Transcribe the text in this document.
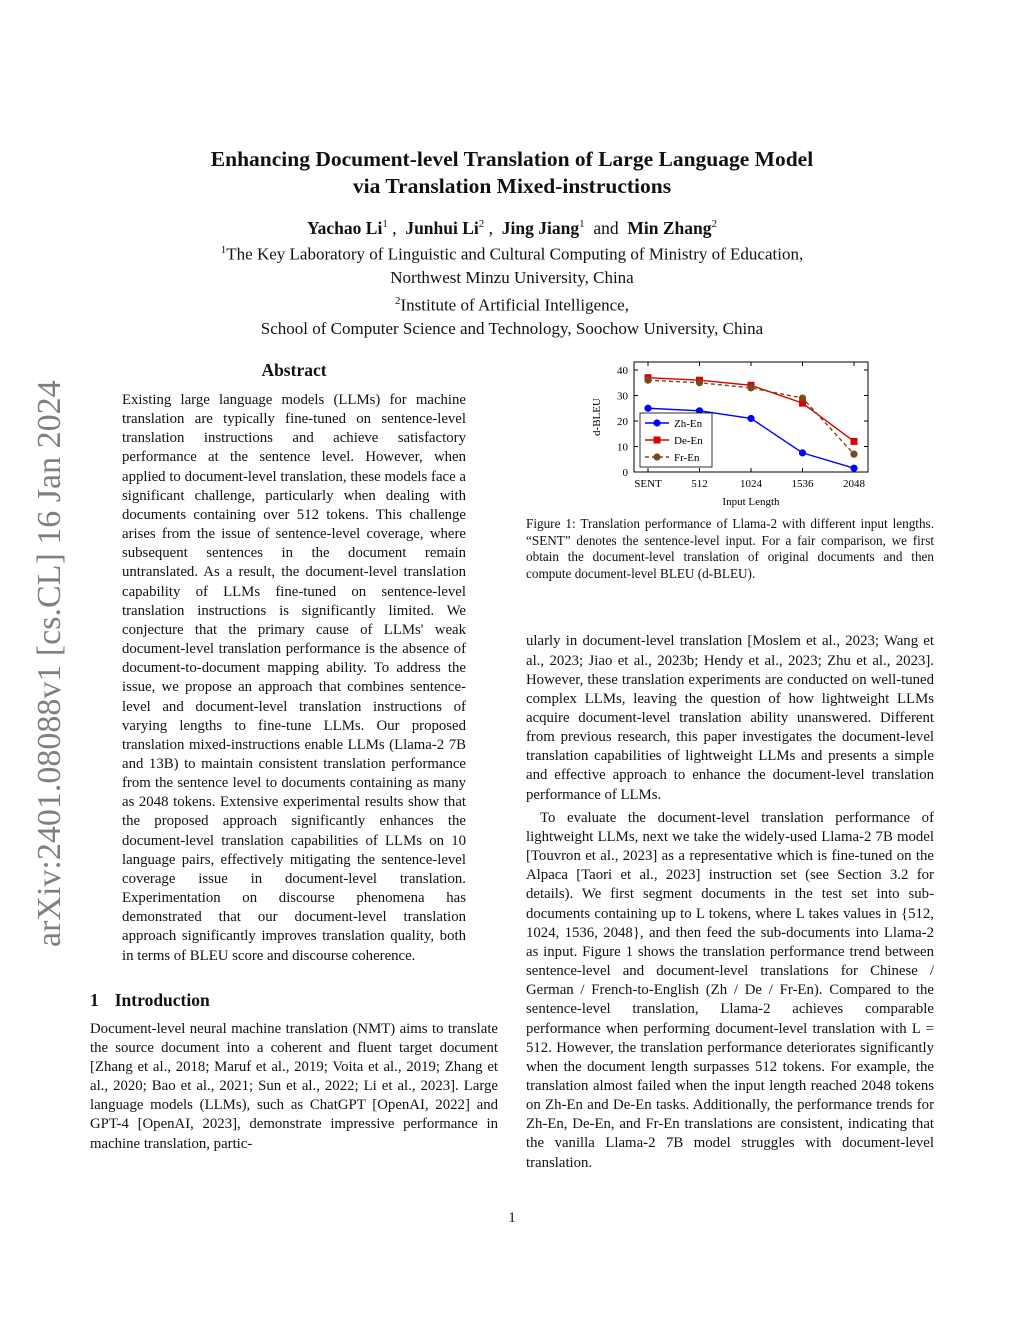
arXiv:2401.08088v1 [cs.CL] 16 Jan 2024
Enhancing Document-level Translation of Large Language Model
via Translation Mixed-instructions
Yachao Li$^1$ ,  Junhui Li$^2$ ,  Jing Jiang$^1$ and Min Zhang$^2$
$^1$The Key Laboratory of Linguistic and Cultural Computing of Ministry of Education,
Northwest Minzu University, China
$^2$Institute of Artificial Intelligence,
School of Computer Science and Technology, Soochow University, China
Abstract

Existing large language models (LLMs) for machine translation are typically fine-tuned on sentence-level translation instructions and achieve satisfactory performance at the sentence level. However, when applied to document-level translation, these models face a significant challenge, particularly when dealing with documents containing over 512 tokens. This challenge arises from the issue of sentence-level coverage, where subsequent sentences in the document remain untranslated. As a result, the document-level translation capability of LLMs fine-tuned on sentence-level translation instructions is significantly limited. We conjecture that the primary cause of LLMs' weak document-level translation performance is the absence of document-to-document mapping ability. To address the issue, we propose an approach that combines sentence-level and document-level translation instructions of varying lengths to fine-tune LLMs. Our proposed translation mixed-instructions enable LLMs (Llama-2 7B and 13B) to maintain consistent translation performance from the sentence level to documents containing as many as 2048 tokens. Extensive experimental results show that the proposed approach significantly enhances the document-level translation capabilities of LLMs on 10 language pairs, effectively mitigating the sentence-level coverage issue in document-level translation. Experimentation on discourse phenomena has demonstrated that our document-level translation approach significantly improves translation quality, both in terms of BLEU score and discourse coherence.

1 Introduction

Document-level neural machine translation (NMT) aims to translate the source document into a coherent and fluent target document [Zhang et al., 2018; Maruf et al., 2019; Voita et al., 2019; Zhang et al., 2020; Bao et al., 2021; Sun et al., 2022; Li et al., 2023]. Large language models (LLMs), such as ChatGPT [OpenAI, 2022] and GPT-4 [OpenAI, 2023], demonstrate impressive performance in machine translation, partic-

0
10
20
30
40
SENT	512	1024	1536	2048
d-BLEU
Input Length
Zh-En
De-En
Fr-En

Figure 1: Translation performance of Llama-2 with different input lengths. “SENT” denotes the sentence-level input. For a fair comparison, we first obtain the document-level translation of original documents and then compute document-level BLEU (d-BLEU).

ularly in document-level translation [Moslem et al., 2023; Wang et al., 2023; Jiao et al., 2023b; Hendy et al., 2023; Zhu et al., 2023]. However, these translation experiments are conducted on well-tuned complex LLMs, leaving the question of how lightweight LLMs acquire document-level translation ability unanswered. Different from previous research, this paper investigates the document-level translation capabilities of lightweight LLMs and presents a simple and effective approach to enhance the document-level translation performance of LLMs.

To evaluate the document-level translation performance of lightweight LLMs, next we take the widely-used Llama-2 7B model [Touvron et al., 2023] as a representative which is fine-tuned on the Alpaca [Taori et al., 2023] instruction set (see Section 3.2 for details). We first segment documents in the test set into sub-documents containing up to L tokens, where L takes values in {512, 1024, 1536, 2048}, and then feed the sub-documents into Llama-2 as input. Figure 1 shows the translation performance trend between sentence-level and document-level translations for Chinese / German / French-to-English (Zh / De / Fr-En). Compared to the sentence-level translation, Llama-2 achieves comparable performance when performing document-level translation with L = 512. However, the translation performance deteriorates significantly when the document length surpasses 512 tokens. For example, the translation almost failed when the input length reached 2048 tokens on Zh-En and De-En tasks. Additionally, the performance trends for Zh-En, De-En, and Fr-En translations are consistent, indicating that the vanilla Llama-2 7B model struggles with document-level translation.

1
